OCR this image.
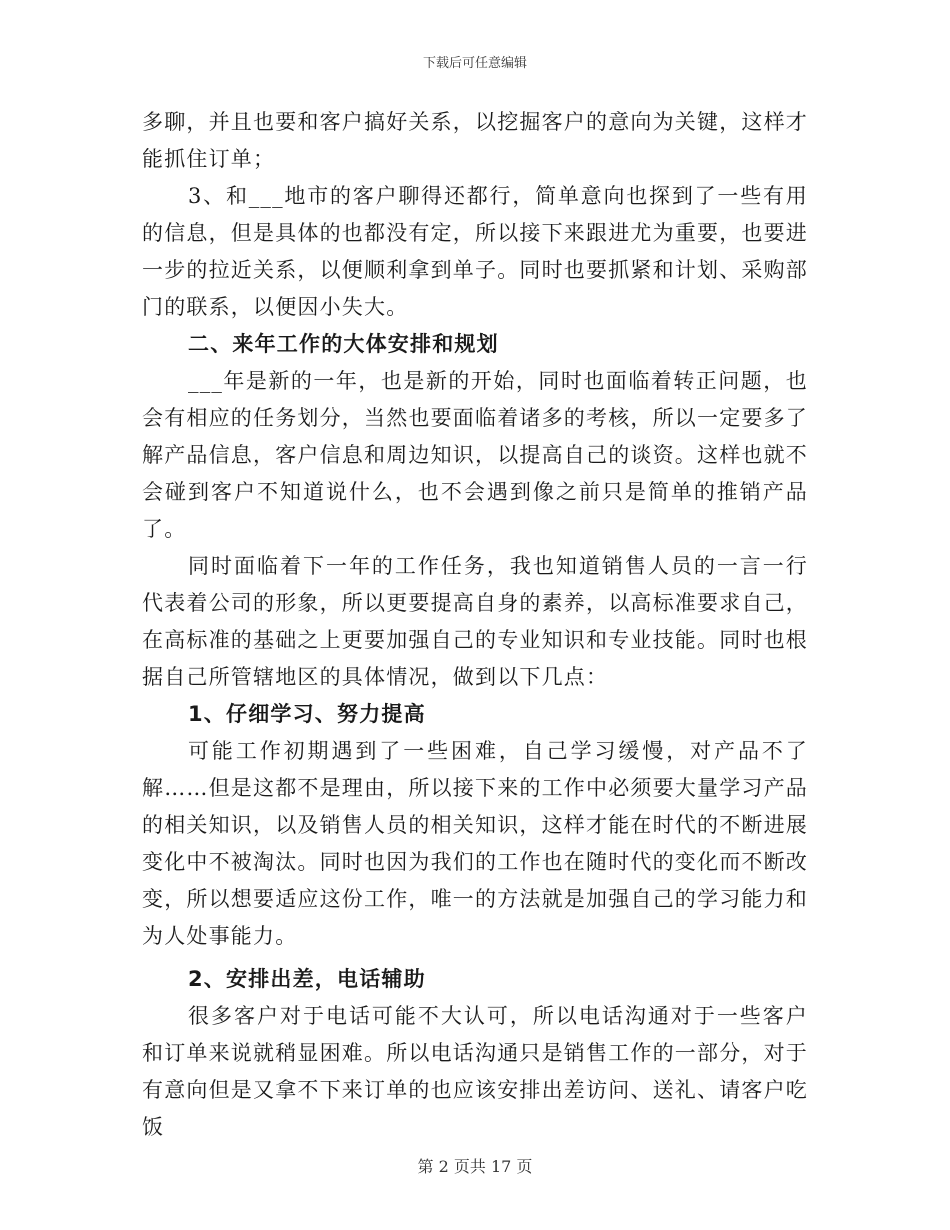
下载后可任意编辑

多聊，并且也要和客户搞好关系，以挖掘客户的意向为关键，这样才能抓住订单；

3、和___地市的客户聊得还都行，简单意向也探到了一些有用的信息，但是具体的也都没有定，所以接下来跟进尤为重要，也要进一步的拉近关系，以便顺利拿到单子。同时也要抓紧和计划、采购部门的联系，以便因小失大。

二、来年工作的大体安排和规划

___年是新的一年，也是新的开始，同时也面临着转正问题，也会有相应的任务划分，当然也要面临着诸多的考核，所以一定要多了解产品信息，客户信息和周边知识，以提高自己的谈资。这样也就不会碰到客户不知道说什么，也不会遇到像之前只是简单的推销产品了。

同时面临着下一年的工作任务，我也知道销售人员的一言一行代表着公司的形象，所以更要提高自身的素养，以高标准要求自己，在高标准的基础之上更要加强自己的专业知识和专业技能。同时也根据自己所管辖地区的具体情况，做到以下几点：

1、仔细学习、努力提高

可能工作初期遇到了一些困难，自己学习缓慢，对产品不了解……但是这都不是理由，所以接下来的工作中必须要大量学习产品的相关知识，以及销售人员的相关知识，这样才能在时代的不断进展变化中不被淘汰。同时也因为我们的工作也在随时代的变化而不断改变，所以想要适应这份工作，唯一的方法就是加强自己的学习能力和为人处事能力。

2、安排出差，电话辅助

很多客户对于电话可能不大认可，所以电话沟通对于一些客户和订单来说就稍显困难。所以电话沟通只是销售工作的一部分，对于有意向但是又拿不下来订单的也应该安排出差访问、送礼、请客户吃饭

第 2 页共 17 页
